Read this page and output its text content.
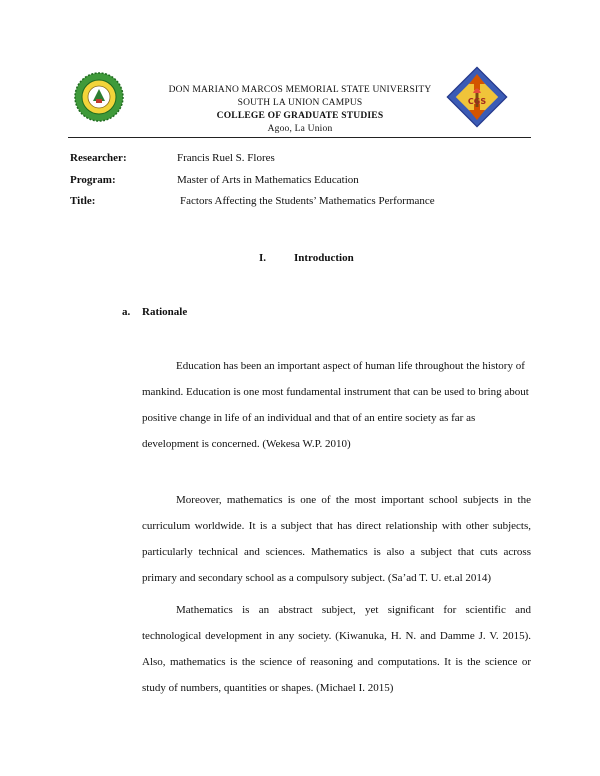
DON MARIANO MARCOS MEMORIAL STATE UNIVERSITY
SOUTH LA UNION CAMPUS
COLLEGE OF GRADUATE STUDIES
Agoo, La Union
CGS
Researcher:	Francis Ruel S. Flores
Program:	Master of Arts in Mathematics Education
Title:	Factors Affecting the Students’ Mathematics Performance
I.	Introduction
a. Rationale

Education has been an important aspect of human life throughout the history of mankind. Education is one most fundamental instrument that can be used to bring about positive change in life of an individual and that of an entire society as far as development is concerned. (Wekesa W.P. 2010)

Moreover, mathematics is one of the most important school subjects in the curriculum worldwide. It is a subject that has direct relationship with other subjects, particularly technical and sciences. Mathematics is also a subject that cuts across primary and secondary school as a compulsory subject. (Sa’ad T. U. et.al 2014)

Mathematics is an abstract subject, yet significant for scientific and technological development in any society. (Kiwanuka, H. N. and Damme J. V. 2015). Also, mathematics is the science of reasoning and computations. It is the science or study of numbers, quantities or shapes. (Michael I. 2015)
